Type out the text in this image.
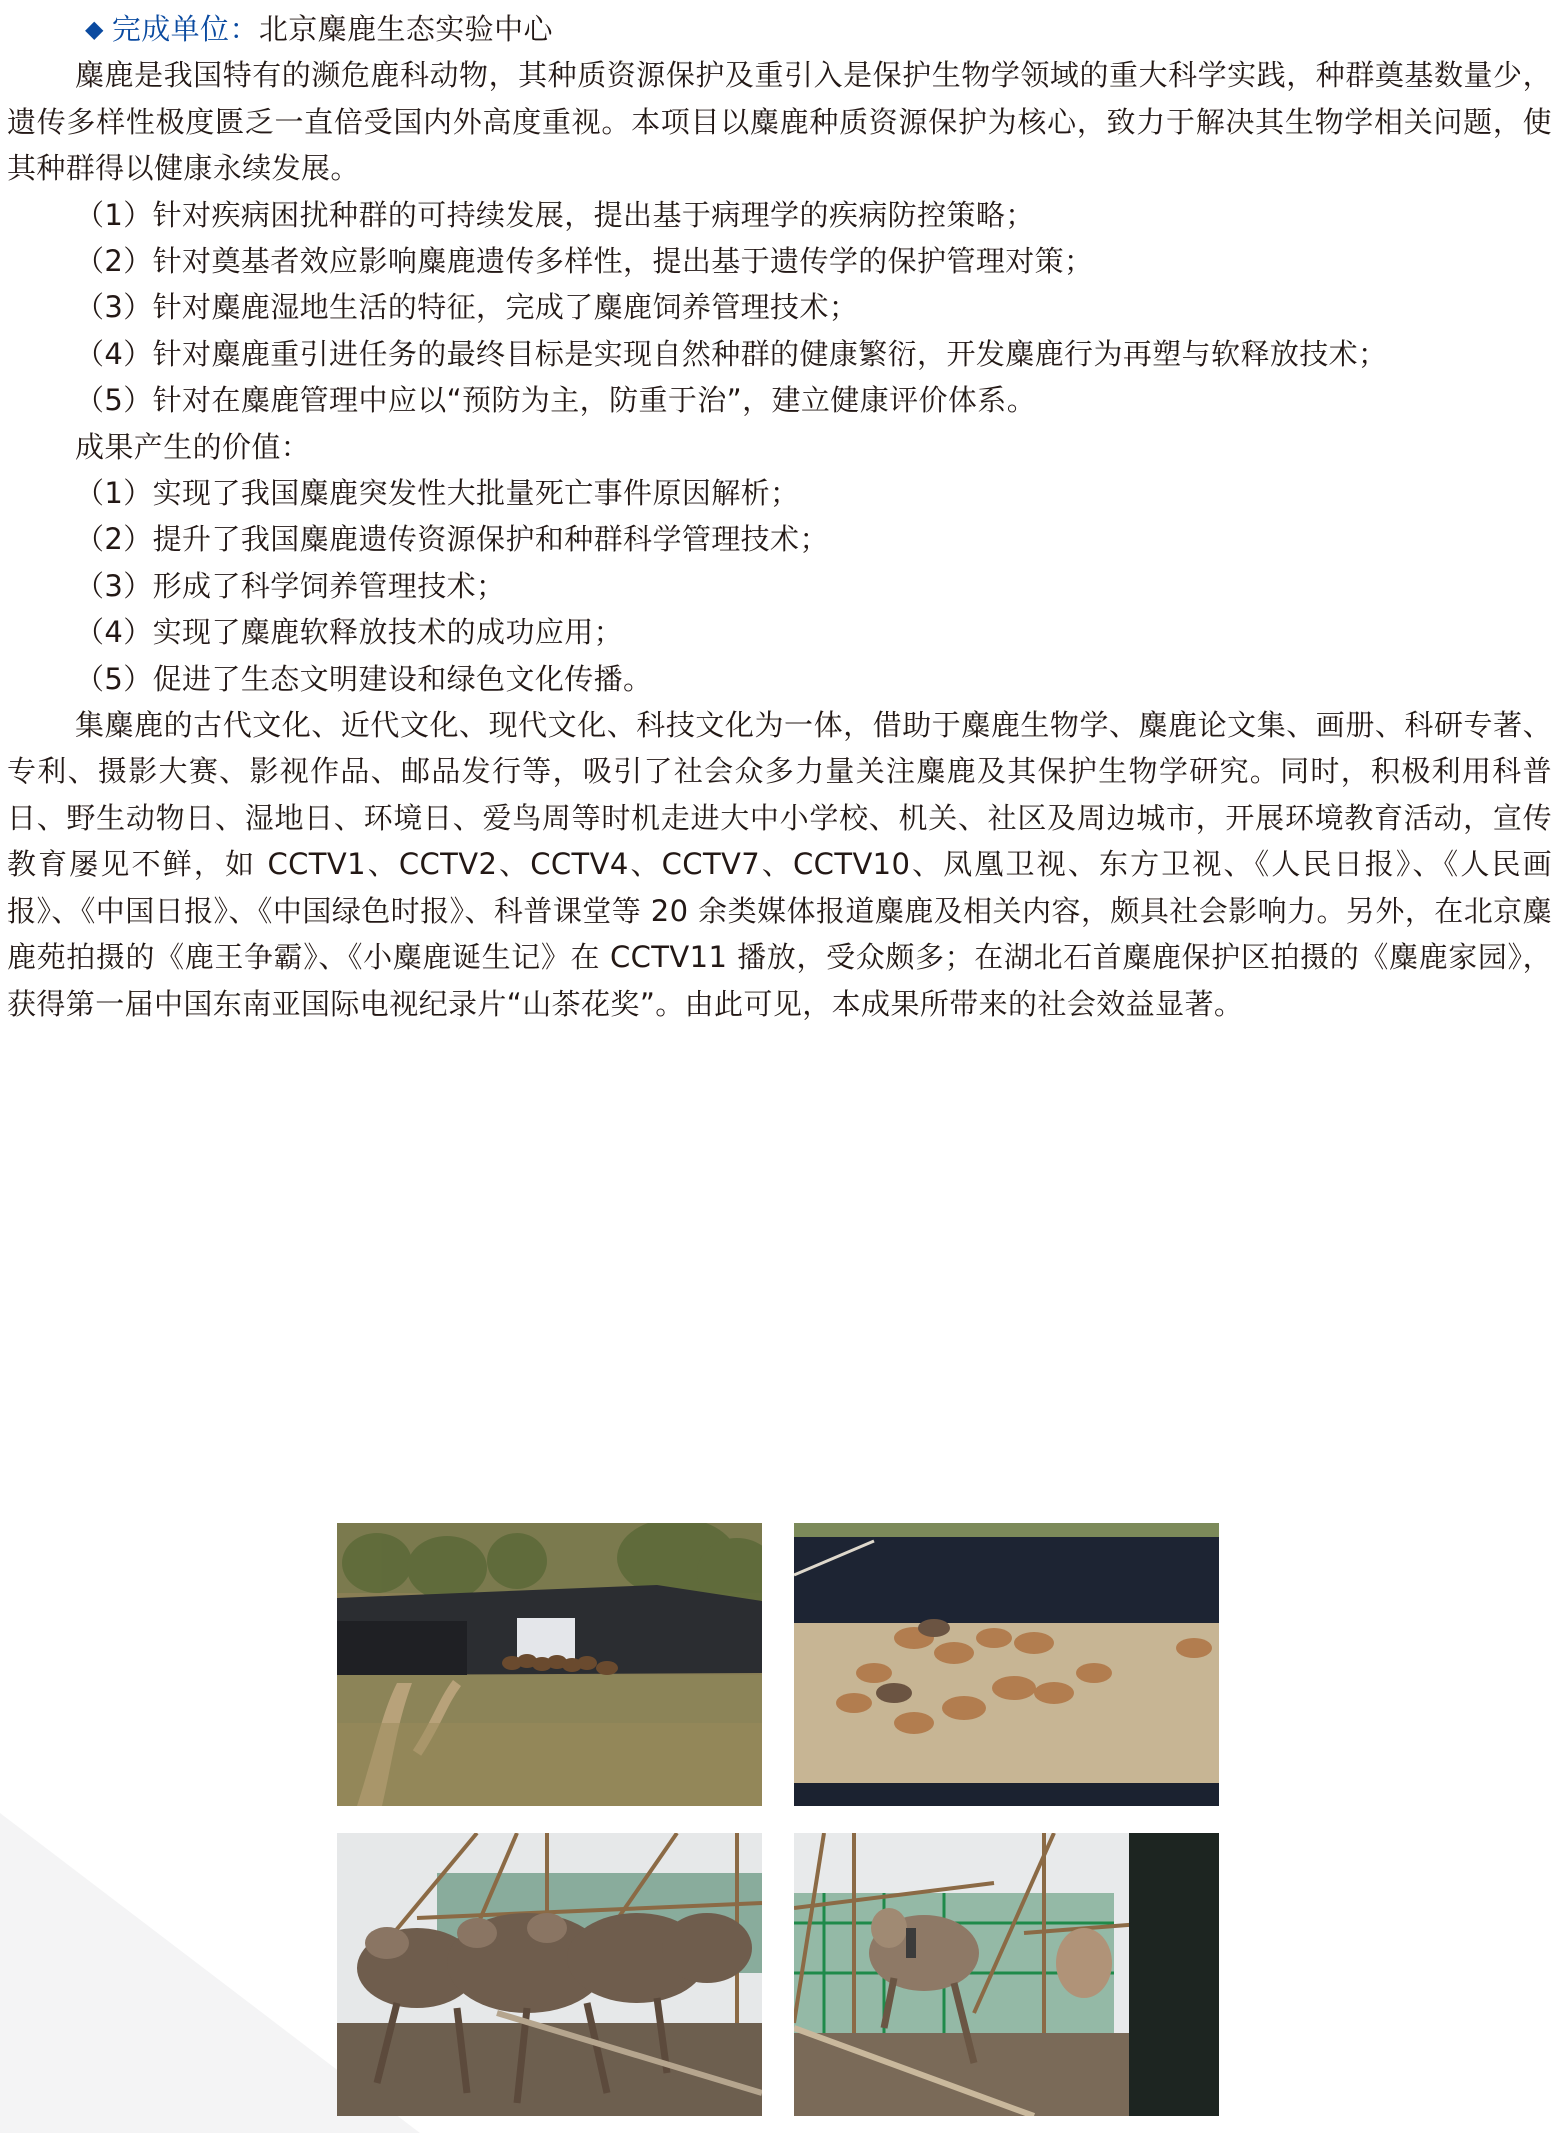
◆ 完成单位：北京麋鹿生态实验中心

麋鹿是我国特有的濒危鹿科动物，其种质资源保护及重引入是保护生物学领域的重大科学实践，种群奠基数量少，遗传多样性极度匮乏一直倍受国内外高度重视。本项目以麋鹿种质资源保护为核心，致力于解决其生物学相关问题，使其种群得以健康永续发展。

（1）针对疾病困扰种群的可持续发展，提出基于病理学的疾病防控策略；

（2）针对奠基者效应影响麋鹿遗传多样性，提出基于遗传学的保护管理对策；

（3）针对麋鹿湿地生活的特征，完成了麋鹿饲养管理技术；

（4）针对麋鹿重引进任务的最终目标是实现自然种群的健康繁衍，开发麋鹿行为再塑与软释放技术；

（5）针对在麋鹿管理中应以“预防为主，防重于治”，建立健康评价体系。

成果产生的价值：

（1）实现了我国麋鹿突发性大批量死亡事件原因解析；

（2）提升了我国麋鹿遗传资源保护和种群科学管理技术；

（3）形成了科学饲养管理技术；

（4）实现了麋鹿软释放技术的成功应用；

（5）促进了生态文明建设和绿色文化传播。

集麋鹿的古代文化、近代文化、现代文化、科技文化为一体，借助于麋鹿生物学、麋鹿论文集、画册、科研专著、专利、摄影大赛、影视作品、邮品发行等，吸引了社会众多力量关注麋鹿及其保护生物学研究。同时，积极利用科普日、野生动物日、湿地日、环境日、爱鸟周等时机走进大中小学校、机关、社区及周边城市，开展环境教育活动，宣传教育屡见不鲜，如 CCTV1、CCTV2、CCTV4、CCTV7、CCTV10、凤凰卫视、东方卫视、《人民日报》、《人民画报》、《中国日报》、《中国绿色时报》、科普课堂等 20 余类媒体报道麋鹿及相关内容，颇具社会影响力。另外，在北京麋鹿苑拍摄的《鹿王争霸》、《小麋鹿诞生记》在 CCTV11 播放，受众颇多；在湖北石首麋鹿保护区拍摄的《麋鹿家园》，获得第一届中国东南亚国际电视纪录片“山茶花奖”。由此可见，本成果所带来的社会效益显著。
